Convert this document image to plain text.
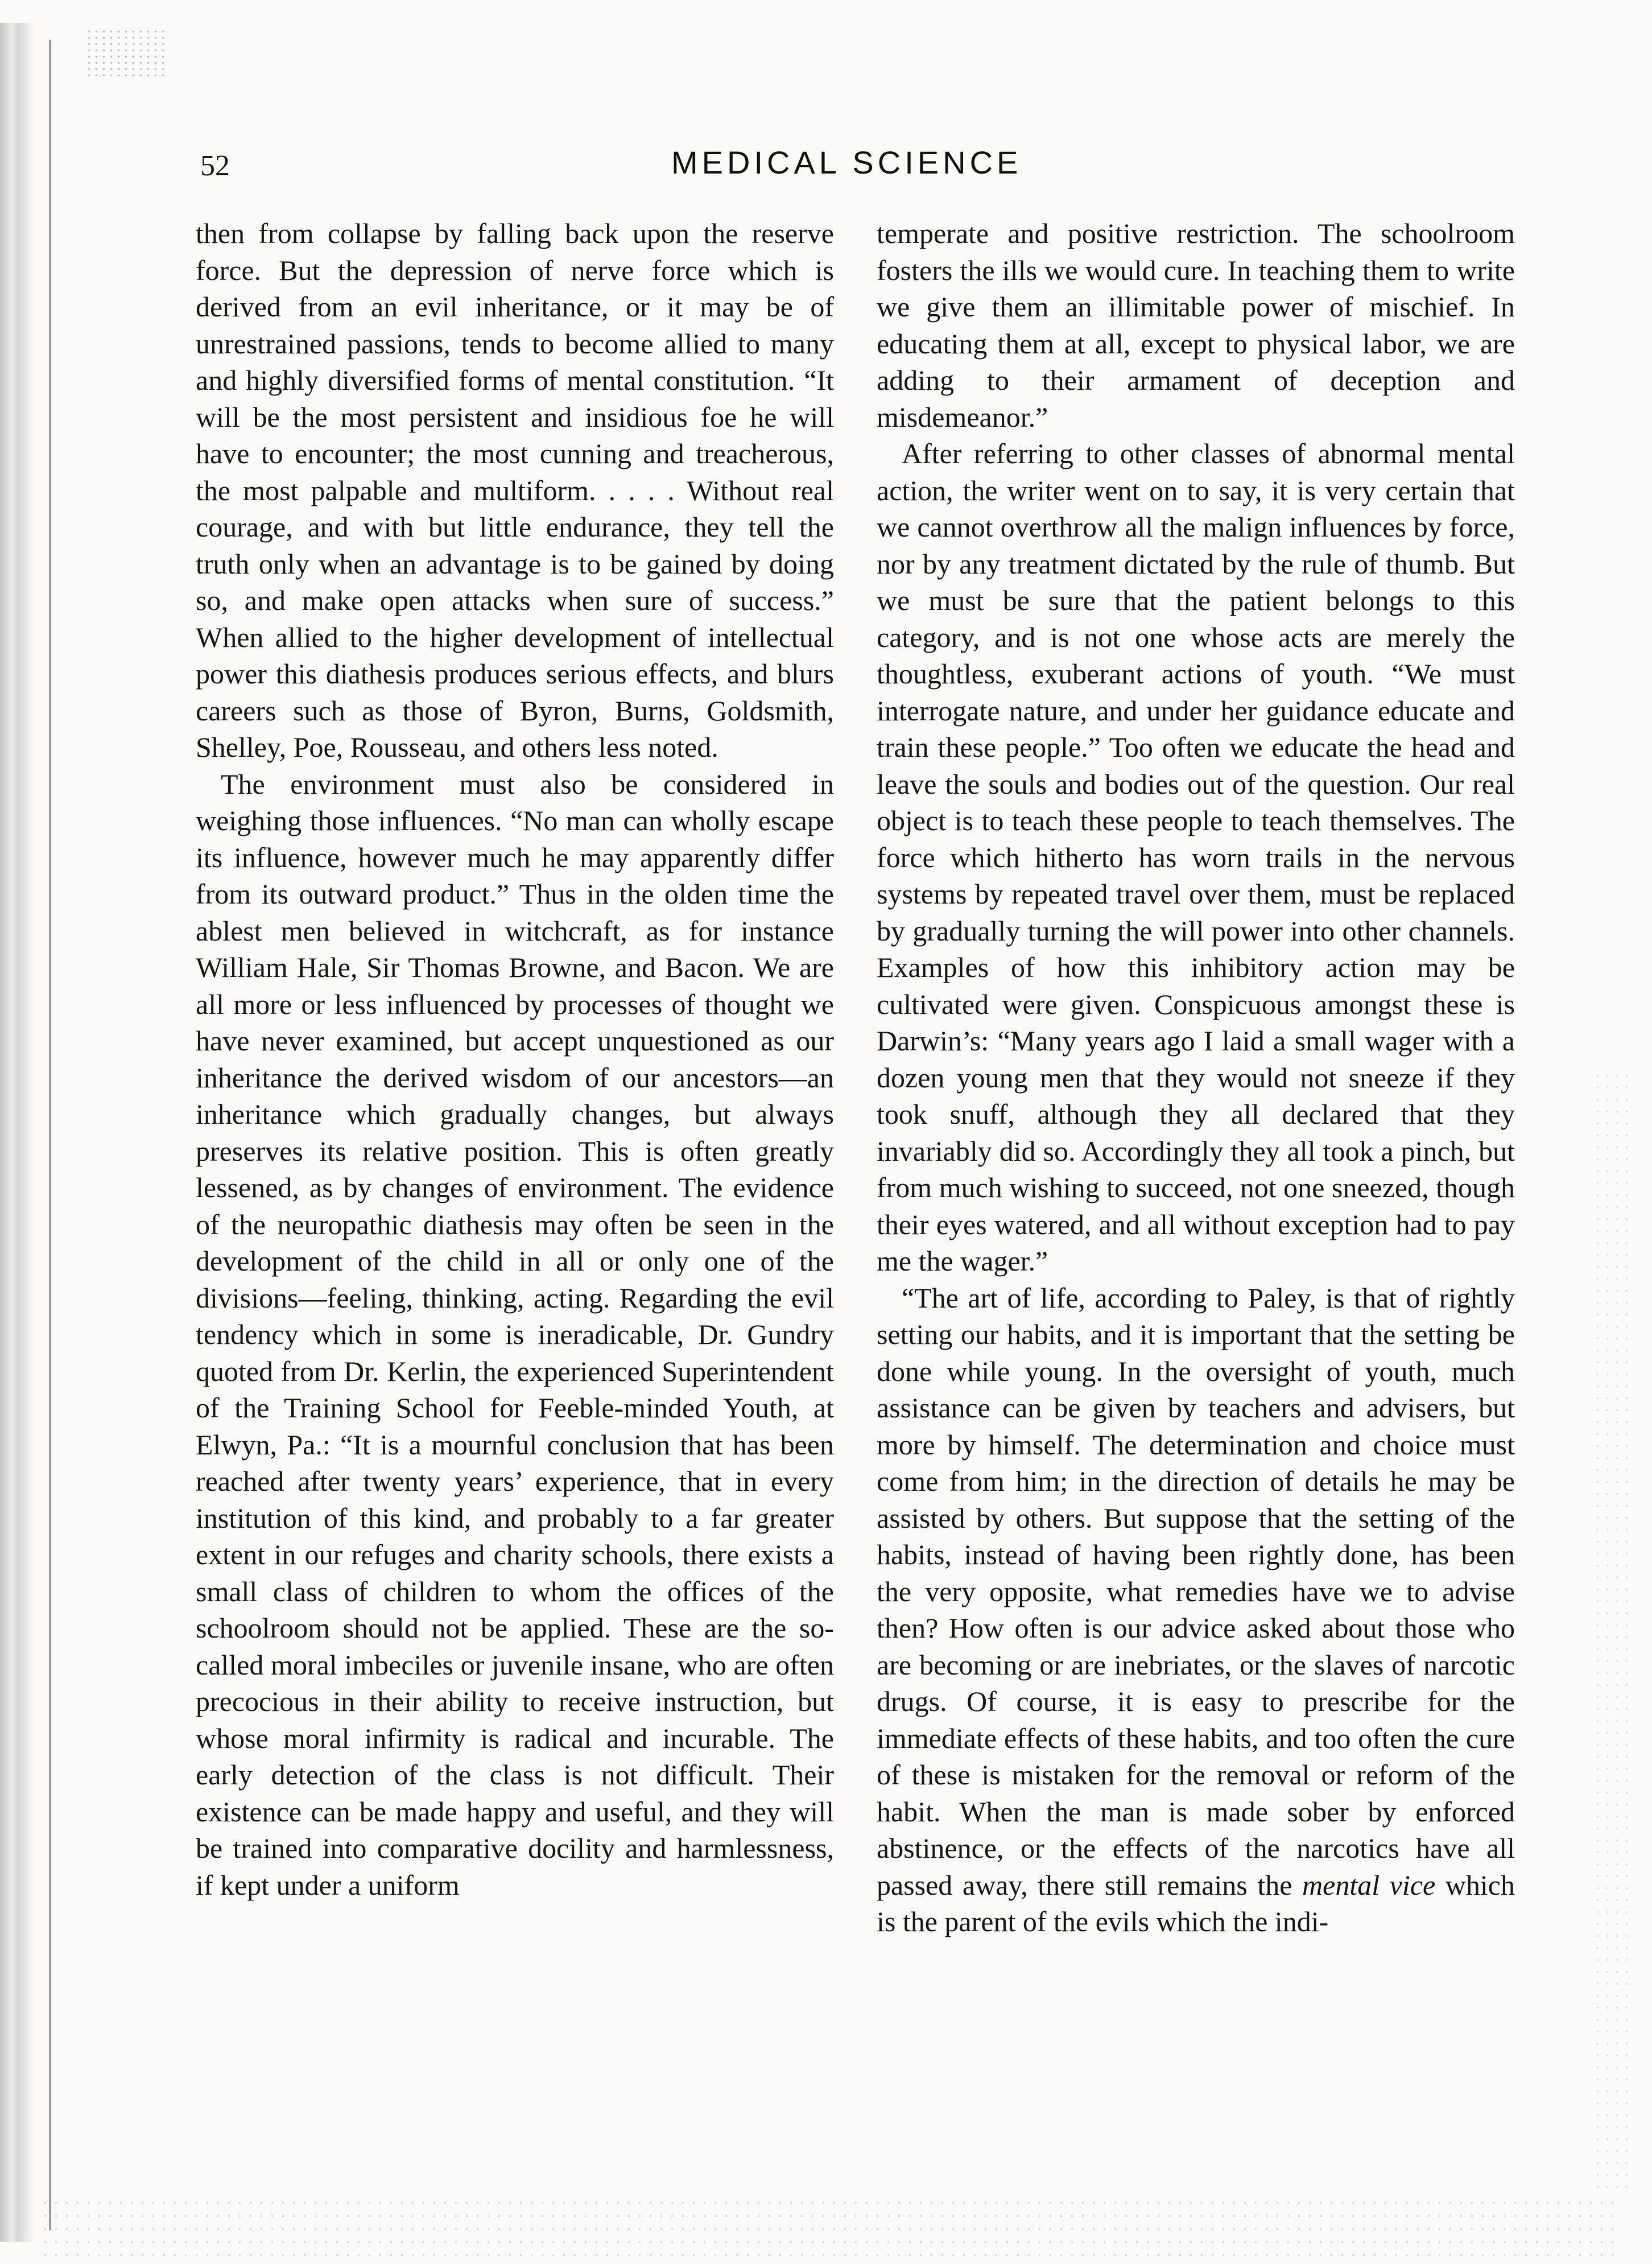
52	MEDICAL SCIENCE

then from collapse by falling back upon the reserve force. But the depression of nerve force which is derived from an evil inheritance, or it may be of unrestrained passions, tends to become allied to many and highly diversified forms of mental constitution. “It will be the most persistent and insidious foe he will have to encounter; the most cunning and treacherous, the most palpable and multiform. . . . . Without real courage, and with but little endurance, they tell the truth only when an advantage is to be gained by doing so, and make open attacks when sure of success.” When allied to the higher development of intellectual power this diathesis produces serious effects, and blurs careers such as those of Byron, Burns, Goldsmith, Shelley, Poe, Rousseau, and others less noted.

The environment must also be considered in weighing those influences. “No man can wholly escape its influence, however much he may apparently differ from its outward product.” Thus in the olden time the ablest men believed in witchcraft, as for instance William Hale, Sir Thomas Browne, and Bacon. We are all more or less influenced by processes of thought we have never examined, but accept unquestioned as our inheritance the derived wisdom of our ancestors—an inheritance which gradually changes, but always preserves its relative position. This is often greatly lessened, as by changes of environment. The evidence of the neuropathic diathesis may often be seen in the development of the child in all or only one of the divisions—feeling, thinking, acting. Regarding the evil tendency which in some is ineradicable, Dr. Gundry quoted from Dr. Kerlin, the experienced Superintendent of the Training School for Feeble-minded Youth, at Elwyn, Pa.: “It is a mournful conclusion that has been reached after twenty years’ experience, that in every institution of this kind, and probably to a far greater extent in our refuges and charity schools, there exists a small class of children to whom the offices of the schoolroom should not be applied. These are the so-called moral imbeciles or juvenile insane, who are often precocious in their ability to receive instruction, but whose moral infirmity is radical and incurable. The early detection of the class is not difficult. Their existence can be made happy and useful, and they will be trained into comparative docility and harmlessness, if kept under a uniform

temperate and positive restriction. The schoolroom fosters the ills we would cure. In teaching them to write we give them an illimitable power of mischief. In educating them at all, except to physical labor, we are adding to their armament of deception and misdemeanor.”

After referring to other classes of abnormal mental action, the writer went on to say, it is very certain that we cannot overthrow all the malign influences by force, nor by any treatment dictated by the rule of thumb. But we must be sure that the patient belongs to this category, and is not one whose acts are merely the thoughtless, exuberant actions of youth. “We must interrogate nature, and under her guidance educate and train these people.” Too often we educate the head and leave the souls and bodies out of the question. Our real object is to teach these people to teach themselves. The force which hitherto has worn trails in the nervous systems by repeated travel over them, must be replaced by gradually turning the will power into other channels. Examples of how this inhibitory action may be cultivated were given. Conspicuous amongst these is Darwin’s: “Many years ago I laid a small wager with a dozen young men that they would not sneeze if they took snuff, although they all declared that they invariably did so. Accordingly they all took a pinch, but from much wishing to succeed, not one sneezed, though their eyes watered, and all without exception had to pay me the wager.”

“The art of life, according to Paley, is that of rightly setting our habits, and it is important that the setting be done while young. In the oversight of youth, much assistance can be given by teachers and advisers, but more by himself. The determination and choice must come from him; in the direction of details he may be assisted by others. But suppose that the setting of the habits, instead of having been rightly done, has been the very opposite, what remedies have we to advise then? How often is our advice asked about those who are becoming or are inebriates, or the slaves of narcotic drugs. Of course, it is easy to prescribe for the immediate effects of these habits, and too often the cure of these is mistaken for the removal or reform of the habit. When the man is made sober by enforced abstinence, or the effects of the narcotics have all passed away, there still remains the mental vice which is the parent of the evils which the indi-
